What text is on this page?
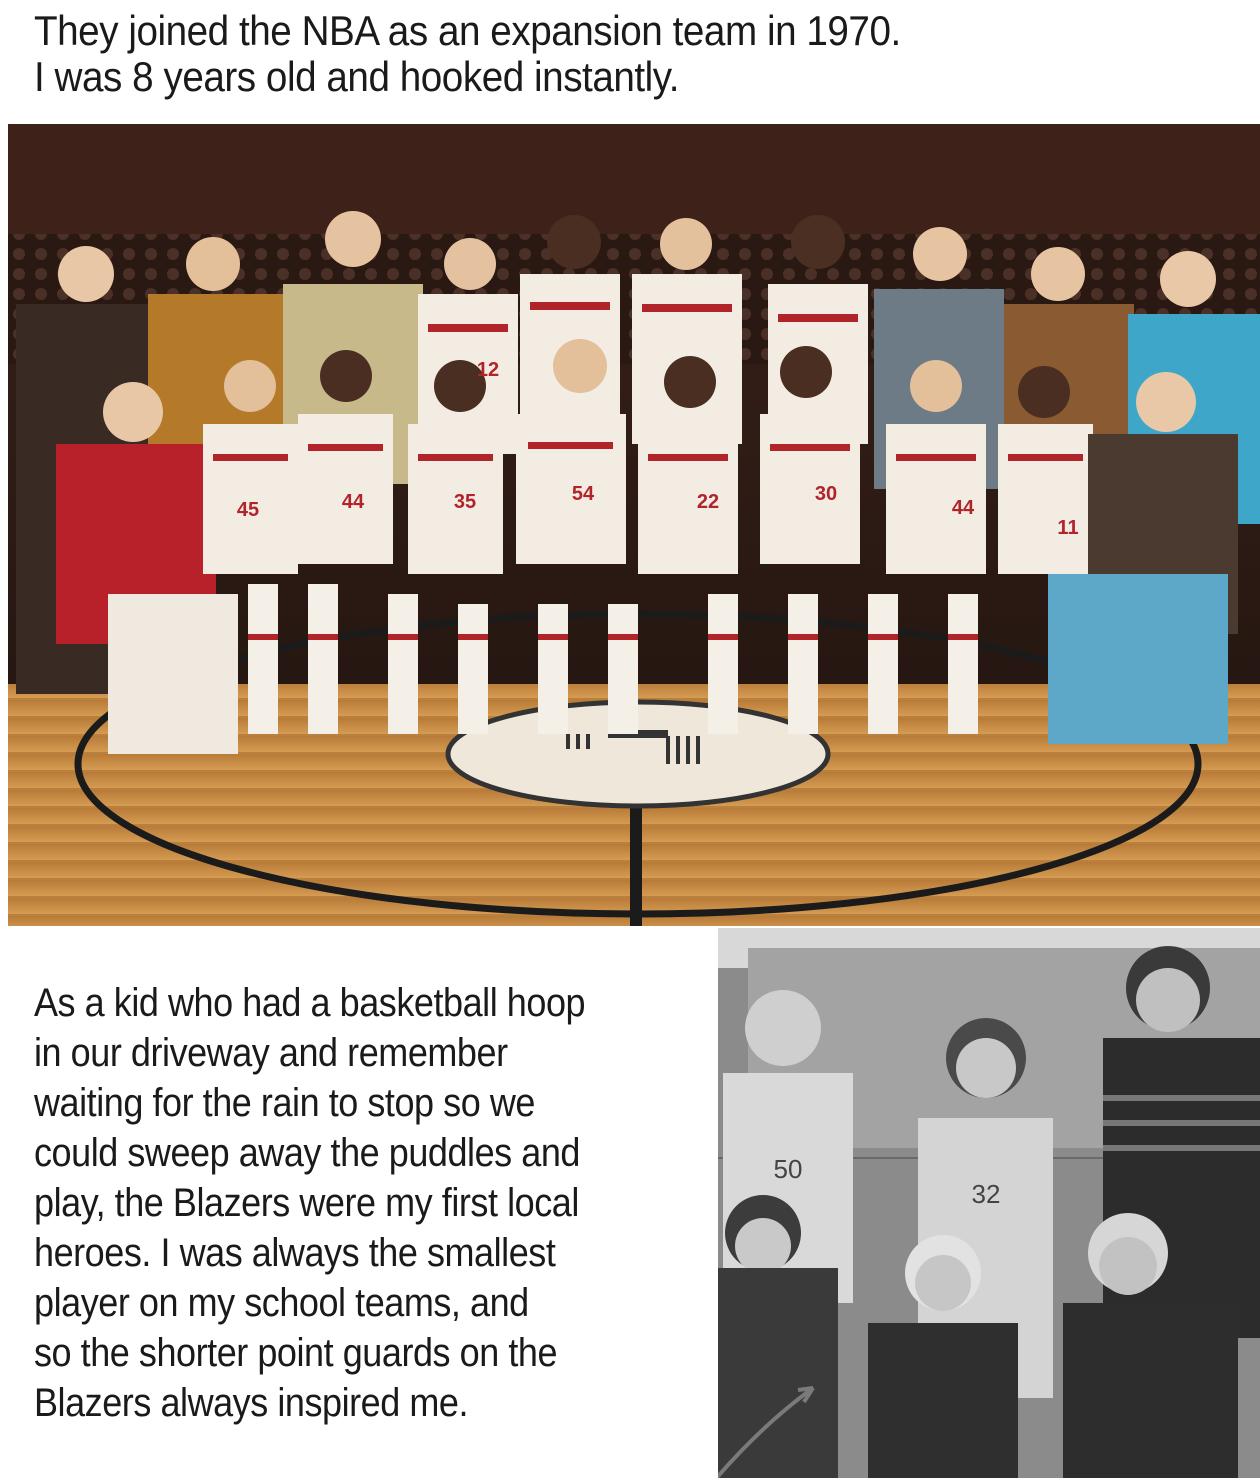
They joined the NBA as an expansion team in 1970.
I was 8 years old and hooked instantly.
12
45	44	35	54	22	30
44
11
As a kid who had a basketball hoop
in our driveway and remember
waiting for the rain to stop so we
could sweep away the puddles and
play, the Blazers were my first local
heroes. I was always the smallest
player on my school teams, and
so the shorter point guards on the
Blazers always inspired me.
50
32
